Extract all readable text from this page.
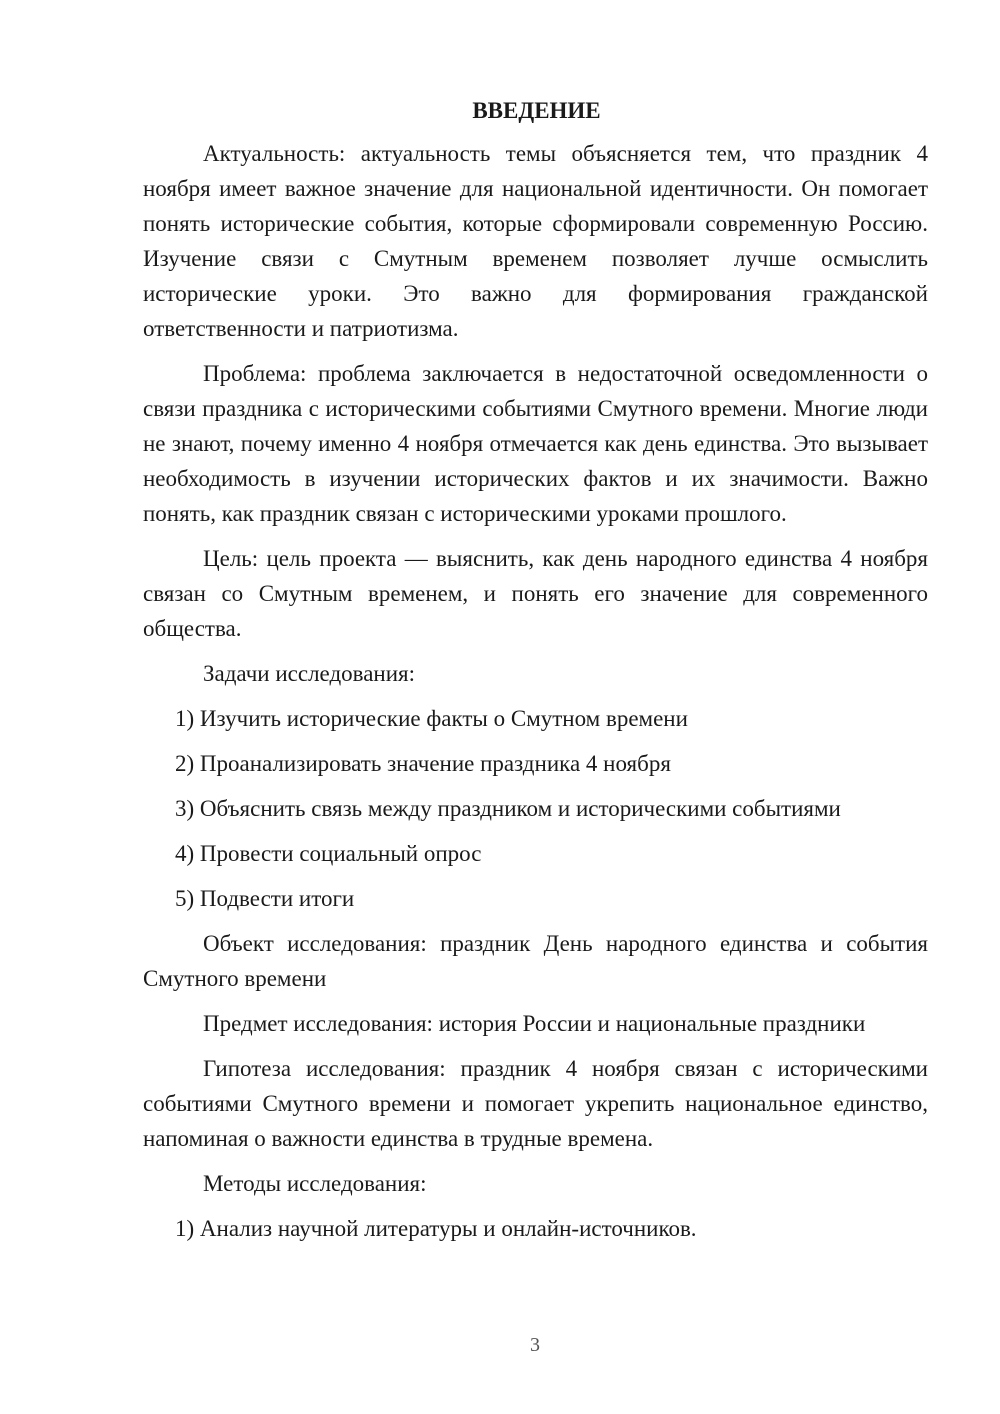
ВВЕДЕНИЕ

Актуальность: актуальность темы объясняется тем, что праздник 4 ноября имеет важное значение для национальной идентичности. Он помогает понять исторические события, которые сформировали современную Россию. Изучение связи с Смутным временем позволяет лучше осмыслить исторические уроки. Это важно для формирования гражданской ответственности и патриотизма.

Проблема: проблема заключается в недостаточной осведомленности о связи праздника с историческими событиями Смутного времени. Многие люди не знают, почему именно 4 ноября отмечается как день единства. Это вызывает необходимость в изучении исторических фактов и их значимости. Важно понять, как праздник связан с историческими уроками прошлого.

Цель: цель проекта — выяснить, как день народного единства 4 ноября связан со Смутным временем, и понять его значение для современного общества.

Задачи исследования:

1) Изучить исторические факты о Смутном времени
2) Проанализировать значение праздника 4 ноября
3) Объяснить связь между праздником и историческими событиями
4) Провести социальный опрос
5) Подвести итоги

Объект исследования: праздник День народного единства и события Смутного времени

Предмет исследования: история России и национальные праздники

Гипотеза исследования: праздник 4 ноября связан с историческими событиями Смутного времени и помогает укрепить национальное единство, напоминая о важности единства в трудные времена.

Методы исследования:

1) Анализ научной литературы и онлайн-источников.
3
